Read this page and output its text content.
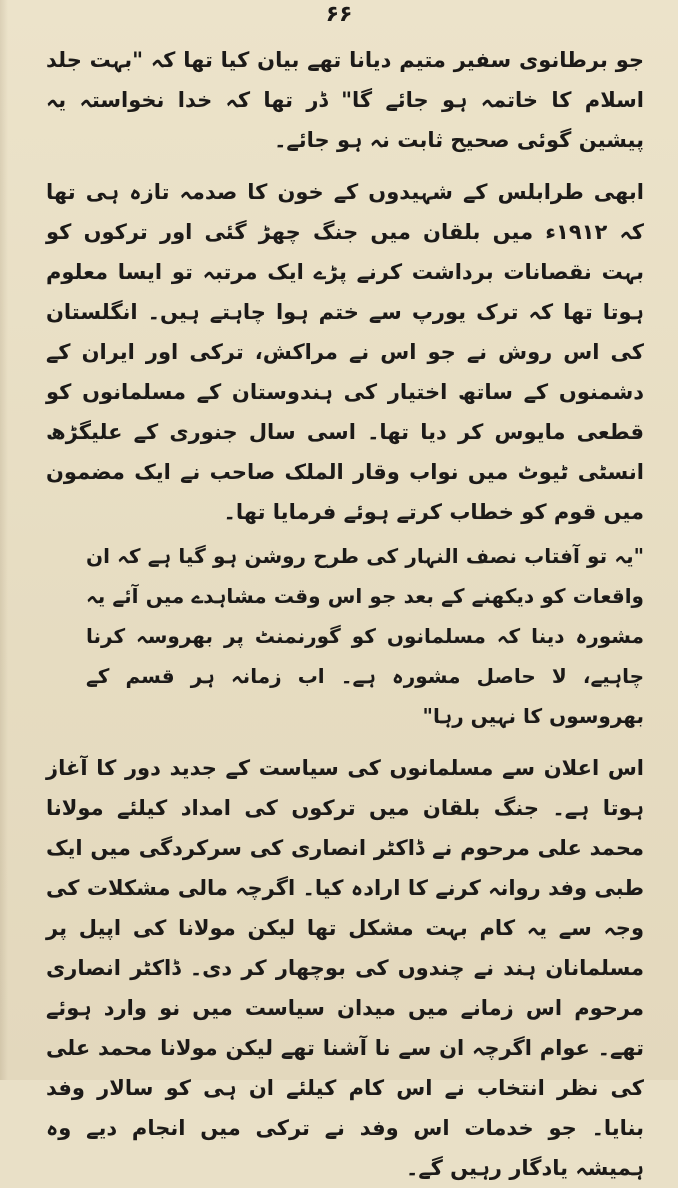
۶۶

جو برطانوی سفیر متیم دیانا تھے بیان کیا تھا کہ "بہت جلد اسلام کا خاتمہ ہو جائے گا" ڈر تھا کہ خدا نخواستہ یہ پیشین گوئی صحیح ثابت نہ ہو جائے۔

ابھی طرابلس کے شہیدوں کے خون کا صدمہ تازہ ہی تھا کہ ۱۹۱۲ء میں بلقان میں جنگ چھڑ گئی اور ترکوں کو بہت نقصانات برداشت کرنے پڑے ایک مرتبہ تو ایسا معلوم ہوتا تھا کہ ترک یورپ سے ختم ہوا چاہتے ہیں۔ انگلستان کی اس روش نے جو اس نے مراکش، ترکی اور ایران کے دشمنوں کے ساتھ اختیار کی ہندوستان کے مسلمانوں کو قطعی مایوس کر دیا تھا۔ اسی سال جنوری کے علیگڑھ انسٹی ٹیوٹ میں نواب وقار الملک صاحب نے ایک مضمون میں قوم کو خطاب کرتے ہوئے فرمایا تھا۔

"یہ تو آفتاب نصف النہار کی طرح روشن ہو گیا ہے کہ ان واقعات کو دیکھنے کے بعد جو اس وقت مشاہدے میں آئے یہ مشورہ دینا کہ مسلمانوں کو گورنمنٹ پر بھروسہ کرنا چاہیے، لا حاصل مشورہ ہے۔ اب زمانہ ہر قسم کے بھروسوں کا نہیں رہا"

اس اعلان سے مسلمانوں کی سیاست کے جدید دور کا آغاز ہوتا ہے۔ جنگ بلقان میں ترکوں کی امداد کیلئے مولانا محمد علی مرحوم نے ڈاکٹر انصاری کی سرکردگی میں ایک طبی وفد روانہ کرنے کا ارادہ کیا۔ اگرچہ مالی مشکلات کی وجہ سے یہ کام بہت مشکل تھا لیکن مولانا کی اپیل پر مسلمانان ہند نے چندوں کی بوچھار کر دی۔ ڈاکٹر انصاری مرحوم اس زمانے میں میدان سیاست میں نو وارد ہوئے تھے۔ عوام اگرچہ ان سے نا آشنا تھے لیکن مولانا محمد علی کی نظر انتخاب نے اس کام کیلئے ان ہی کو سالار وفد بنایا۔ جو خدمات اس وفد نے ترکی میں انجام دیے وہ ہمیشہ یادگار رہیں گے۔
